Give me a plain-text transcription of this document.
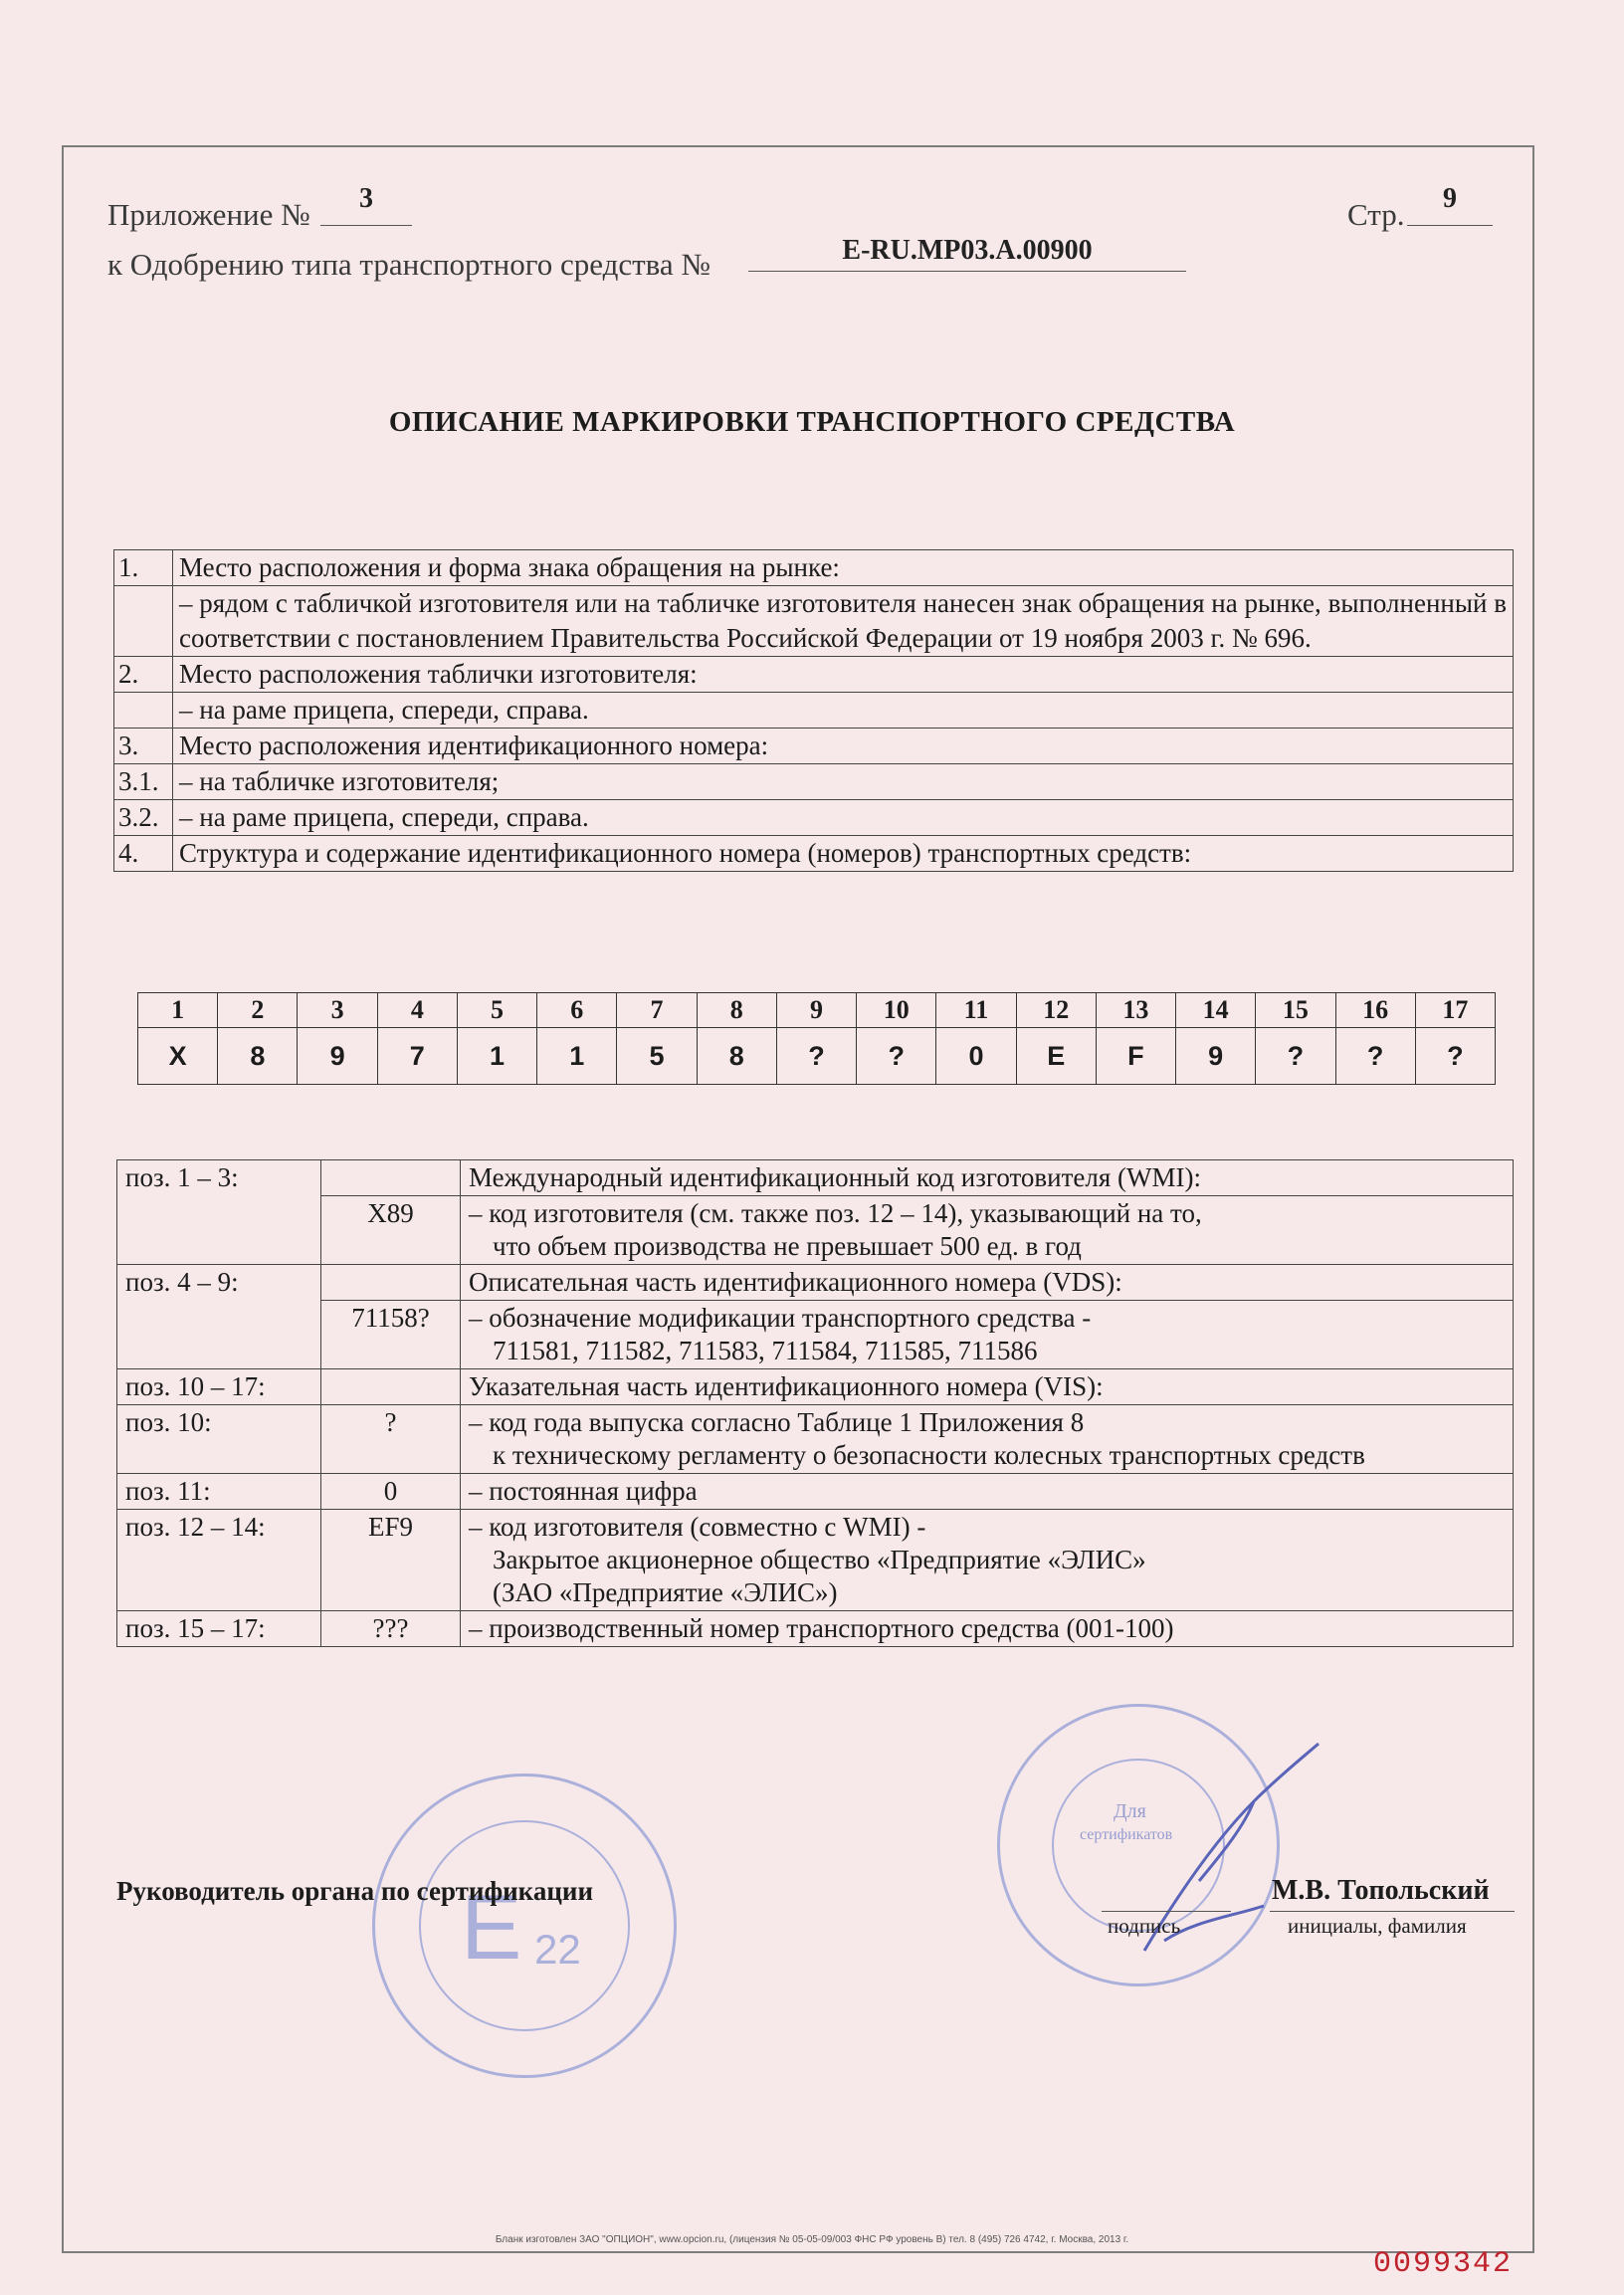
Приложение №	3	Стр.	9
к Одобрению типа транспортного средства №	E-RU.MP03.A.00900
ОПИСАНИЕ МАРКИРОВКИ ТРАНСПОРТНОГО СРЕДСТВА
1.	Место расположения и форма знака обращения на рынке:
	– рядом с табличкой изготовителя или на табличке изготовителя нанесен знак обращения на рынке, выполненный в соответствии с постановлением Правительства Российской Федерации от 19 ноября 2003 г. № 696.
2.	Место расположения таблички изготовителя:
	– на раме прицепа, спереди, справа.
3.	Место расположения идентификационного номера:
3.1.	– на табличке изготовителя;
3.2.	– на раме прицепа, спереди, справа.
4.	Структура и содержание идентификационного номера (номеров) транспортных средств:
1	2	3	4	5	6	7	8	9	10	11	12	13	14	15	16	17
X	8	9	7	1	1	5	8	?	?	0	E	F	9	?	?	?
поз. 1 – 3:		Международный идентификационный код изготовителя (WMI):
	X89	– код изготовителя (см. также поз. 12 – 14), указывающий на то,
что объем производства не превышает 500 ед. в год

поз. 4 – 9:		Описательная часть идентификационного номера (VDS):
	71158?	– обозначение модификации транспортного средства -
711581, 711582, 711583, 711584, 711585, 711586

поз. 10 – 17:		Указательная часть идентификационного номера (VIS):
поз. 10:	?	– код года выпуска согласно Таблице 1 Приложения 8
к техническому регламенту о безопасности колесных транспортных средств

поз. 11:	0	– постоянная цифра

поз. 12 – 14:	EF9	– код изготовителя (совместно с WMI) -
Закрытое акционерное общество «Предприятие «ЭЛИС»
(ЗАО «Предприятие «ЭЛИС»)

поз. 15 – 17:	???	– производственный номер транспортного средства (001-100)
E 22
Для
сертификатов
Руководитель органа по сертификации	М.В. Топольский
подпись	инициалы, фамилия
Бланк изготовлен ЗАО "ОПЦИОН", www.opcion.ru, (лицензия № 05-05-09/003 ФНС РФ уровень В) тел. 8 (495) 726 4742, г. Москва, 2013 г.
0099342
